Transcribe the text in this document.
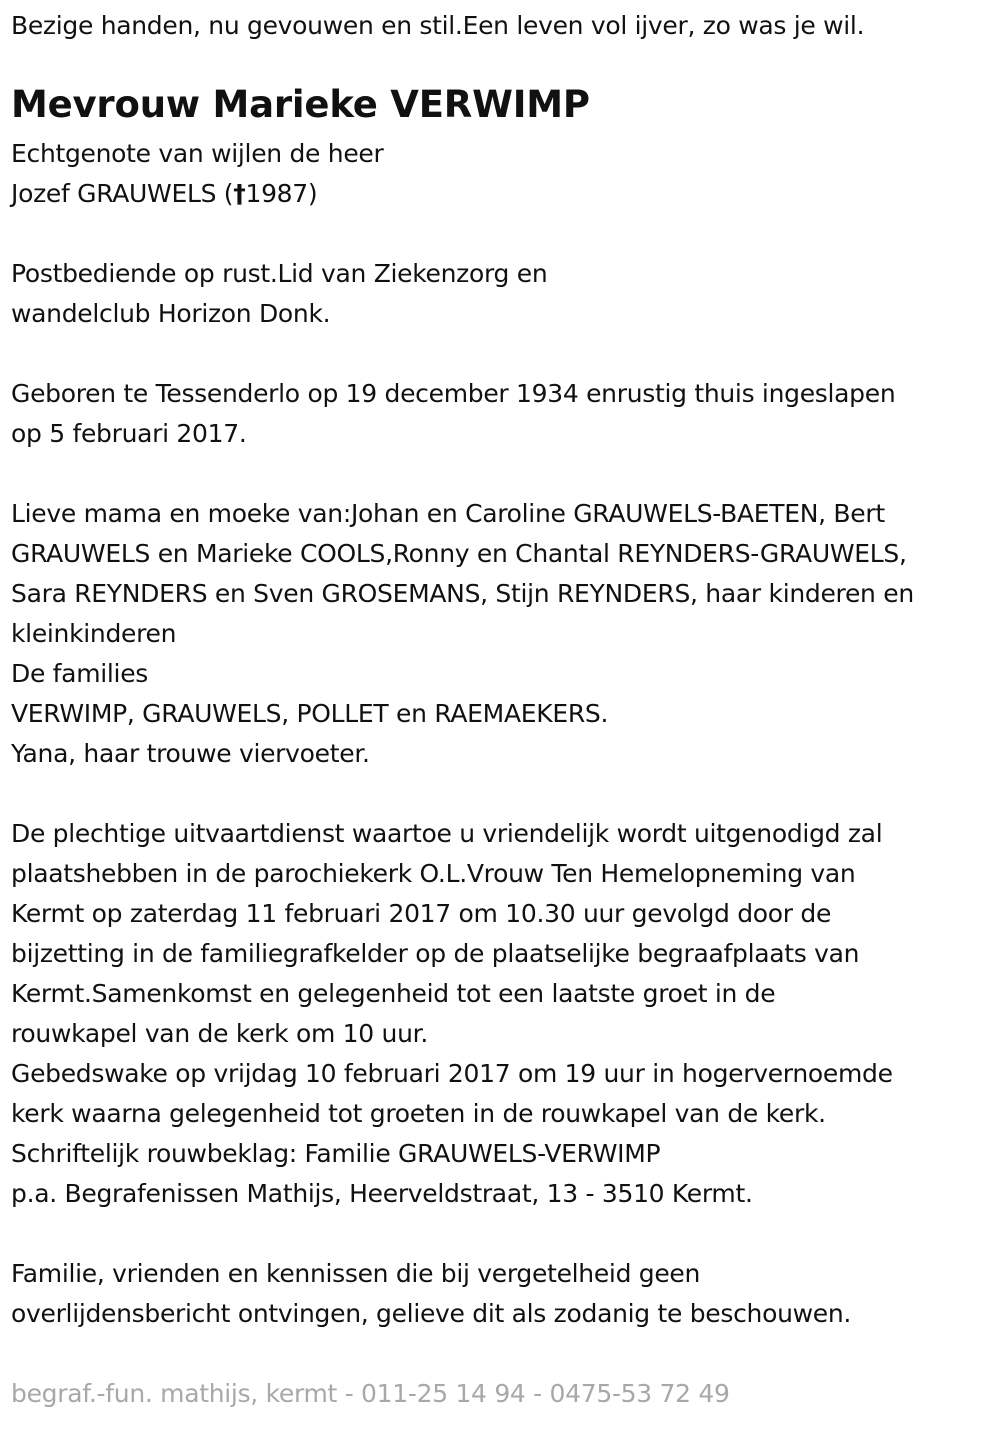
Bezige handen, nu gevouwen en stil.Een leven vol ijver, zo was je wil.
Mevrouw Marieke VERWIMP
Echtgenote van wijlen de heer
Jozef GRAUWELS (†1987)
Postbediende op rust.Lid van Ziekenzorg en
wandelclub Horizon Donk.
Geboren te Tessenderlo op 19 december 1934 enrustig thuis ingeslapen
op 5 februari 2017.
Lieve mama en moeke van:Johan en Caroline GRAUWELS-BAETEN, Bert
GRAUWELS en Marieke COOLS,Ronny en Chantal REYNDERS-GRAUWELS,
Sara REYNDERS en Sven GROSEMANS, Stijn REYNDERS, haar kinderen en
kleinkinderen
De families
VERWIMP, GRAUWELS, POLLET en RAEMAEKERS.
Yana, haar trouwe viervoeter.
De plechtige uitvaartdienst waartoe u vriendelijk wordt uitgenodigd zal
plaatshebben in de parochiekerk O.L.Vrouw Ten Hemelopneming van
Kermt op zaterdag 11 februari 2017 om 10.30 uur gevolgd door de
bijzetting in de familiegrafkelder op de plaatselijke begraafplaats van
Kermt.Samenkomst en gelegenheid tot een laatste groet in de
rouwkapel van de kerk om 10 uur.
Gebedswake op vrijdag 10 februari 2017 om 19 uur in hogervernoemde
kerk waarna gelegenheid tot groeten in de rouwkapel van de kerk.
Schriftelijk rouwbeklag: Familie GRAUWELS-VERWIMP
p.a. Begrafenissen Mathijs, Heerveldstraat, 13 - 3510 Kermt.
Familie, vrienden en kennissen die bij vergetelheid geen
overlijdensbericht ontvingen, gelieve dit als zodanig te beschouwen.
begraf.-fun. mathijs, kermt - 011-25 14 94 - 0475-53 72 49
